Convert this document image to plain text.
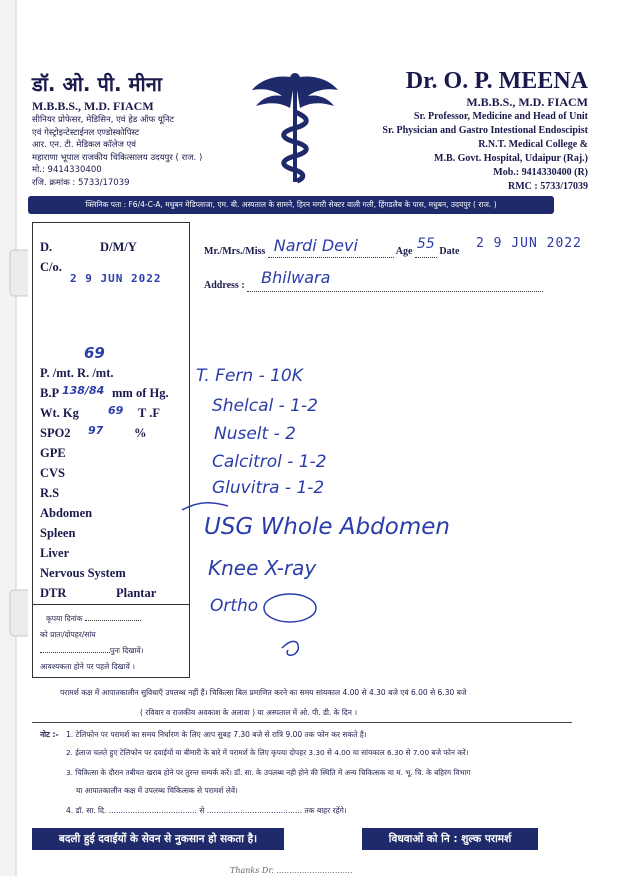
डॉ. ओ. पी. मीना
M.B.B.S., M.D. FIACM
सीनियर प्रोफेसर, मेडिसिन, एवं हेड ऑफ यूनिट
एवं गेस्ट्रोइन्टेस्टाईनल एण्डोस्कोपिस्ट
आर. एन. टी. मेडिकल कॉलेज एवं
महाराणा भूपाल राजकीय चिकित्सालय उदयपुर ( राज. )
मो.: 9414330400
रजि. क्रमांक : 5733/17039
Dr. O. P. MEENA
M.B.B.S., M.D. FIACM
Sr. Professor, Medicine and Head of Unit
Sr. Physician and Gastro Intestional Endoscipist
R.N.T. Medical College &
M.B. Govt. Hospital, Udaipur (Raj.)
Mob.: 9414330400 (R)
RMC : 5733/17039
क्लिनिक पता : F6/4-C-A, मधुबन मेडिप्लाजा, एम. बी. अस्पताल के सामने, हिरन मगरी सेक्टर वाली गली, हिंगडलैब के पास, मधुबन, उदयपुर ( राज. )
D.	D/M/Y
C/o.
2 9 JUN 2022
69
P. /mt. R. /mt.
B.P 138/84 mm of Hg.
Wt. Kg	69 T .F
SPO2 97 %
GPE
CVS
R.S
Abdomen
Spleen
Liver
Nervous System
DTR	Plantar
कृपया दिनांक
को प्रातः/दोपहर/सांय
पुनः दिखावें।
आवश्यकता होने पर पहले दिखावें ।
Mr./Mrs./Miss Nardi Devi	Age 55 Date
2 9 JUN 2022
Address : Bhilwara

T. Fern - 10K
Shelcal - 1-2
Nuselt - 2
Calcitrol - 1-2
Gluvitra - 1-2
USG Whole Abdomen
Knee X-ray
Ortho
परामर्श कक्ष में आपातकालीन सुविधाएँ उपलब्ध नहीं हैं। चिकित्सा बिल प्रमाणित करने का समय सांयकाल 4.00 से 4.30 बजे एवं 6.00 से 6.30 बजे
( रविवार व राजकीय अवकाश के अलावा ) या अस्पताल में ओ. पी. डी. के दिन ।
नोट :- 1. टेलिफोन पर परामर्श का समय निर्धारण के लिए आप सुबह 7.30 बजे से रात्रि 9.00 तक फोन कर सकते है।
2. ईलाज चलते हुए टेलिफोन पर दवाईयों या बीमारी के बारे में परामर्श के लिए कृपया दोपहर 3.30 से 4.00 या सांयकाल 6.30 से 7.00 बजे फोन करें।
3. चिकित्सा के दौरान तबीयत खराब होने पर तुरन्त सम्पर्क करें। डॉ. सा. के उपलब्ध नही होने की स्थिति में अन्य चिकित्सक या म. भू. चि. के बहिरंग विभाग
या आपातकालीन कक्ष में उपलब्ध चिकित्सक से परामर्श लेवें।
4. डॉ. सा. दि. ..................................... से ........................................ तक बाहर रहेंगे।
बदली हुई दवाईयों के सेवन से नुकसान हो सकता है।	विधवाओं को नि : शुल्क परामर्श
Thanks Dr. ..............................
